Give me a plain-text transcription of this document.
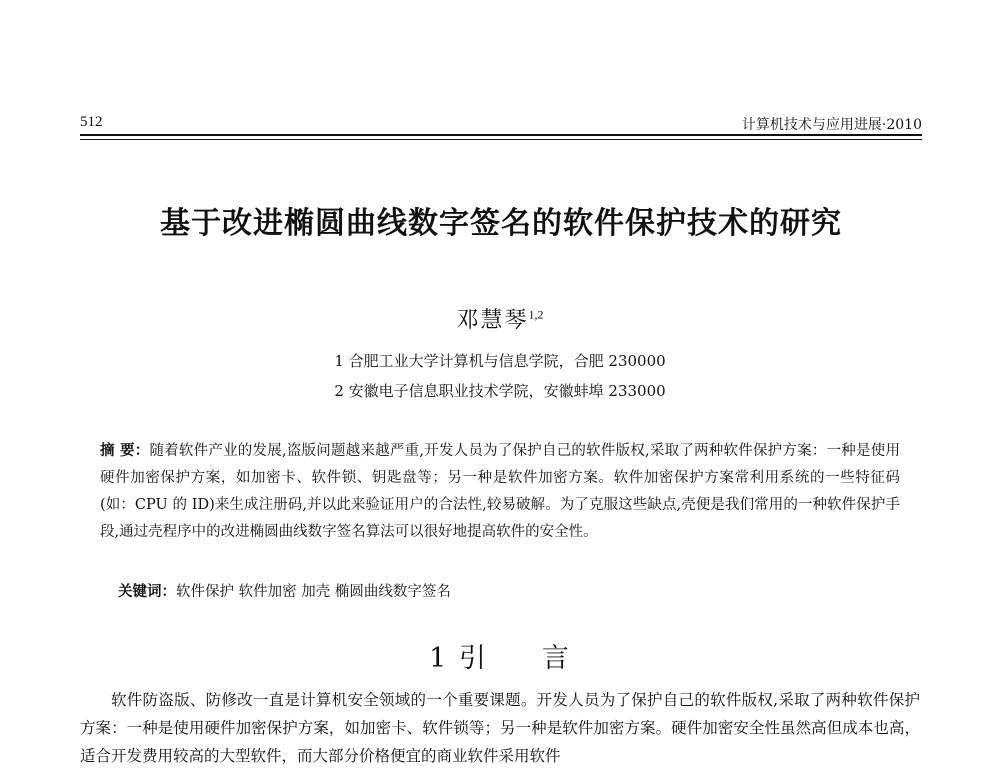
512	计算机技术与应用进展·2010
基于改进椭圆曲线数字签名的软件保护技术的研究
邓慧琴$^{1,2}$
1 合肥工业大学计算机与信息学院，合肥 230000
2 安徽电子信息职业技术学院，安徽蚌埠 233000
摘 要：随着软件产业的发展,盗版问题越来越严重,开发人员为了保护自己的软件版权,采取了两种软件保护方案：一种是使用硬件加密保护方案，如加密卡、软件锁、钥匙盘等；另一种是软件加密方案。软件加密保护方案常利用系统的一些特征码(如：CPU 的 ID)来生成注册码,并以此来验证用户的合法性,较易破解。为了克服这些缺点,壳便是我们常用的一种软件保护手段,通过壳程序中的改进椭圆曲线数字签名算法可以很好地提高软件的安全性。
关键词：软件保护 软件加密 加壳 椭圆曲线数字签名
1 引 言
软件防盗版、防修改一直是计算机安全领域的一个重要课题。开发人员为了保护自己的软件版权,采取了两种软件保护方案：一种是使用硬件加密保护方案，如加密卡、软件锁等；另一种是软件加密方案。硬件加密安全性虽然高但成本也高，适合开发费用较高的大型软件，而大部分价格便宜的商业软件采用软件
